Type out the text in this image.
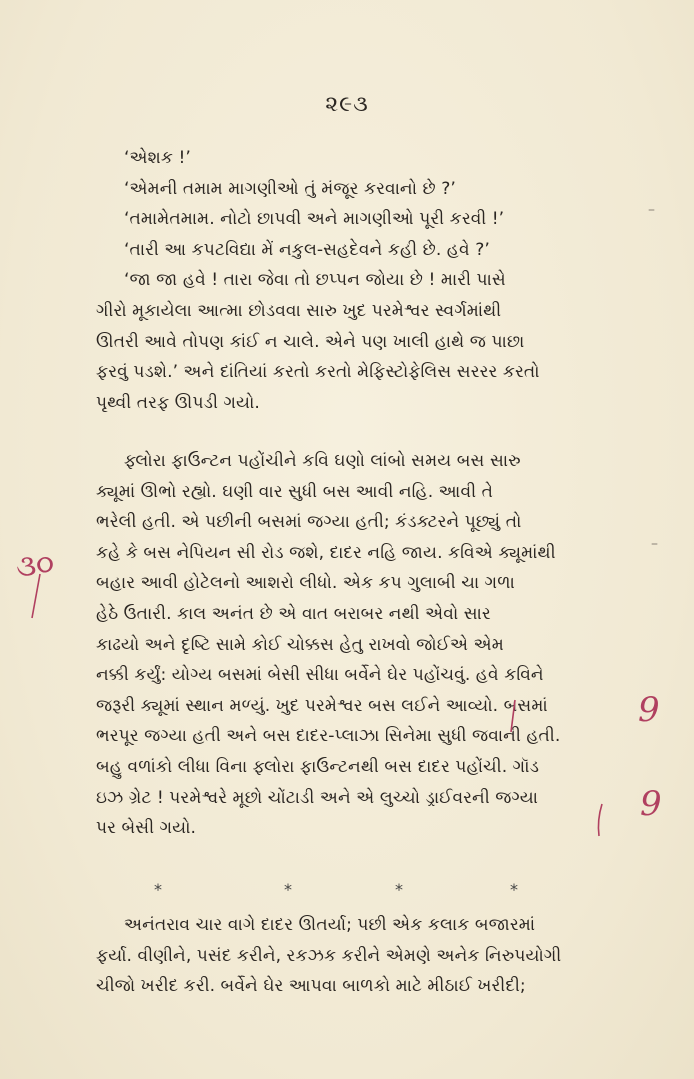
૨૯૩
–
–
‘એશક !’
‘એમની તમામ માગણીઓ તું મંજૂર કરવાનો છે ?’
‘તમામેતમામ. નોટો છાપવી અને માગણીઓ પૂરી કરવી !’
‘તારી આ કપટવિદ્યા મેં નકુલ-સહદેવને કહી છે. હવે ?’
‘જા જા હવે ! તારા જેવા તો છપ્પન જોયા છે ! મારી પાસે
ગીરો મૂકાયેલા આત્મા છોડવવા સારુ ખુદ પરમેશ્વર સ્વર્ગમાંથી
ઊતરી આવે તોપણ કાંઈ ન ચાલે. એને પણ ખાલી હાથે જ પાછા
ફરવું પડશે.’ અને દાંતિયાં કરતો કરતો મેફિસ્ટોફેલિસ સરરર કરતો
પૃથ્વી તરફ ઊપડી ગયો.
ફ્લોરા ફાઉન્ટન પહોંચીને કવિ ઘણો લાંબો સમય બસ સારુ
ક્યૂમાં ઊભો રહ્યો. ઘણી વાર સુધી બસ આવી નહિ. આવી તે
ભરેલી હતી. એ પછીની બસમાં જગ્યા હતી; કંડક્ટરને પૂછ્યું તો
કહે કે બસ નેપિયન સી રોડ જશે, દાદર નહિ જાય. કવિએ ક્યૂમાંથી
બહાર આવી હોટેલનો આશરો લીધો. એક કપ ગુલાબી ચા ગળા
હેઠે ઉતારી. કાલ અનંત છે એ વાત બરાબર નથી એવો સાર
કાઢયો અને દૃષ્ટિ સામે કોઈ ચોક્કસ હેતુ રાખવો જોઈએ એમ
નક્કી કર્યું: યોગ્ય બસમાં બેસી સીધા બર્વેને ઘેર પહોંચવું. હવે કવિને
જરૂરી ક્યૂમાં સ્થાન મળ્યું. ખુદ પરમેશ્વર બસ લઈને આવ્યો. બસમાં
ભરપૂર જગ્યા હતી અને બસ દાદર-પ્લાઝા સિનેમા સુધી જવાની હતી.
બહુ વળાંકો લીધા વિના ફ્લોરા ફાઉન્ટનથી બસ દાદર પહોંચી. ગૉડ
ઇઝ ગ્રેટ ! પરમેશ્વરે મૂછો ચોંટાડી અને એ લુચ્ચો ડ્રાઈવરની જગ્યા
પર બેસી ગયો.
*	*	*	*
અનંતરાવ ચાર વાગે દાદર ઊતર્યા; પછી એક કલાક બજારમાં
ફર્યા. વીણીને, પસંદ કરીને, રકઝક કરીને એમણે અનેક નિરુપયોગી
ચીજો ખરીદ કરી. બર્વેને ઘેર આપવા બાળકો માટે મીઠાઈ ખરીદી;
૩૦
9
9
